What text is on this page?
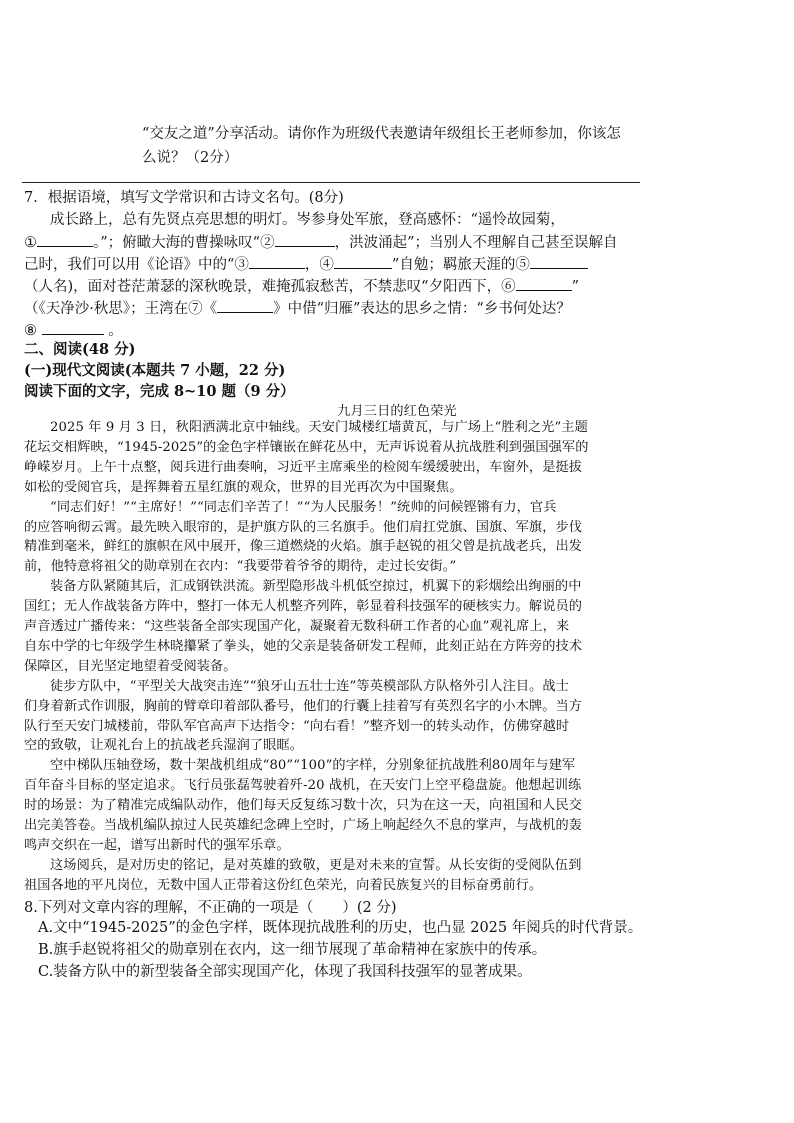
“交友之道”分享活动。请你作为班级代表邀请年级组长王老师参加，你该怎
么说？（2分）
7．根据语境，填写文学常识和古诗文名句。(8分)
成长路上，总有先贤点亮思想的明灯。岑参身处军旅，登高感怀：“遥怜故园菊，
①	。”；俯瞰大海的曹操咏叹“②	，洪波涌起”；当别人不理解自己甚至误解自
己时，我们可以用《论语》中的“③	，④	”自勉；羁旅天涯的⑤
（人名)，面对苍茫萧瑟的深秋晚景，难掩孤寂愁苦，不禁悲叹“夕阳西下，⑥	”
（《天净沙·秋思》；王湾在⑦《	》中借“归雁”表达的思乡之情：“乡书何处达？
⑧	。
二、阅读(48 分)
(一)现代文阅读(本题共 7 小题，22 分)
阅读下面的文字，完成 8~10 题（9 分）
九月三日的红色荣光
2025 年 9 月 3 日，秋阳洒满北京中轴线。天安门城楼红墙黄瓦，与广场上“胜利之光”主题
花坛交相辉映，“1945-2025”的金色字样镶嵌在鲜花丛中，无声诉说着从抗战胜利到强国强军的
峥嵘岁月。上午十点整，阅兵进行曲奏响，习近平主席乘坐的检阅车缓缓驶出，车窗外，是挺拔
如松的受阅官兵，是挥舞着五星红旗的观众，世界的目光再次为中国聚焦。
“同志们好！”“主席好！”“同志们辛苦了！”“为人民服务！”统帅的问候铿锵有力，官兵
的应答响彻云霄。最先映入眼帘的，是护旗方队的三名旗手。他们肩扛党旗、国旗、军旗，步伐
精准到毫米，鲜红的旗帜在风中展开，像三道燃烧的火焰。旗手赵锐的祖父曾是抗战老兵，出发
前，他特意将祖父的勋章别在衣内：“我要带着爷爷的期待，走过长安街。”
装备方队紧随其后，汇成钢铁洪流。新型隐形战斗机低空掠过，机翼下的彩烟绘出绚丽的中
国红；无人作战装备方阵中，整打一体无人机整齐列阵，彰显着科技强军的硬核实力。解说员的
声音透过广播传来：“这些装备全部实现国产化，凝聚着无数科研工作者的心血”观礼席上，来
自东中学的七年级学生林晓攥紧了拳头，她的父亲是装备研发工程师，此刻正站在方阵旁的技术
保障区，目光坚定地望着受阅装备。
徒步方队中，“平型关大战突击连”“狼牙山五壮士连”等英模部队方队格外引人注目。战士
们身着新式作训服，胸前的臂章印着部队番号，他们的行囊上挂着写有英烈名字的小木牌。当方
队行至天安门城楼前，带队军官高声下达指令：“向右看！”整齐划一的转头动作，仿佛穿越时
空的致敬，让观礼台上的抗战老兵湿润了眼眶。
空中梯队压轴登场，数十架战机组成“80”“100”的字样，分别象征抗战胜利80周年与建军
百年奋斗目标的坚定追求。飞行员张磊驾驶着歼-20 战机，在天安门上空平稳盘旋。他想起训练
时的场景：为了精准完成编队动作，他们每天反复练习数十次，只为在这一天，向祖国和人民交
出完美答卷。当战机编队掠过人民英雄纪念碑上空时，广场上响起经久不息的掌声，与战机的轰
鸣声交织在一起，谱写出新时代的强军乐章。
这场阅兵，是对历史的铭记，是对英雄的致敬，更是对未来的宣誓。从长安街的受阅队伍到
祖国各地的平凡岗位，无数中国人正带着这份红色荣光，向着民族复兴的目标奋勇前行。
8.下列对文章内容的理解，不正确的一项是（　　）(2 分)
A.文中“1945-2025”的金色字样，既体现抗战胜利的历史，也凸显 2025 年阅兵的时代背景。
B.旗手赵锐将祖父的勋章别在衣内，这一细节展现了革命精神在家族中的传承。
C.装备方队中的新型装备全部实现国产化，体现了我国科技强军的显著成果。
